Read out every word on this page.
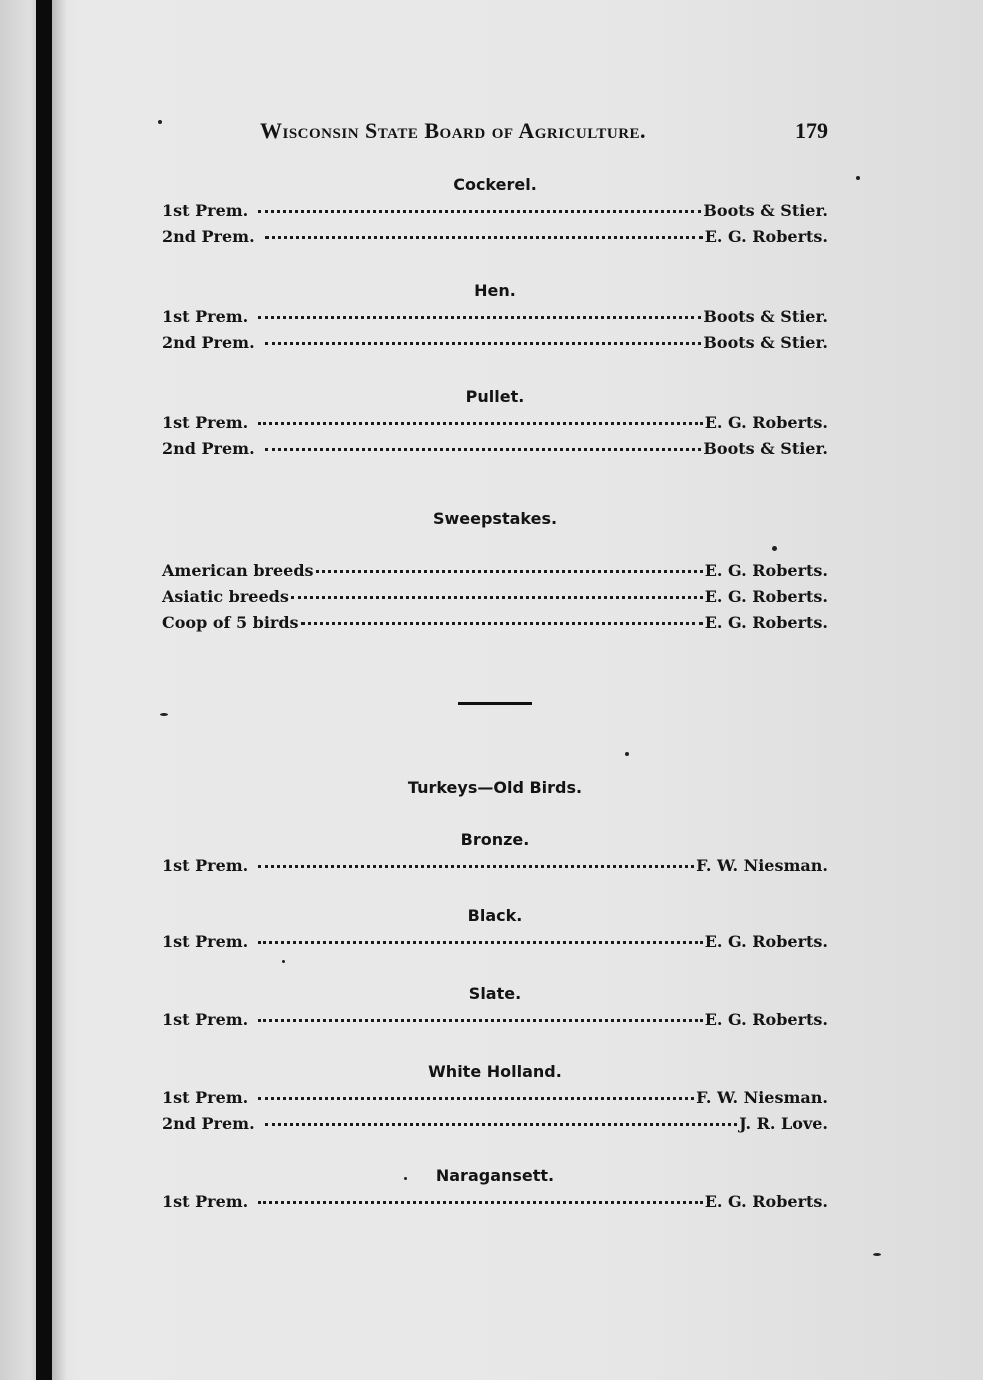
Wisconsin State Board of Agriculture.	179
Cockerel.
1st Prem.	Boots & Stier.
2nd Prem.	E. G. Roberts.
Hen.
1st Prem.	Boots & Stier.
2nd Prem.	Boots & Stier.
Pullet.
1st Prem.	E. G. Roberts.
2nd Prem.	Boots & Stier.
Sweepstakes.
American breeds	E. G. Roberts.
Asiatic breeds	E. G. Roberts.
Coop of 5 birds	E. G. Roberts.
Turkeys—Old Birds.
Bronze.
1st Prem.	F. W. Niesman.
Black.
1st Prem.	E. G. Roberts.
Slate.
1st Prem.	E. G. Roberts.
White Holland.
1st Prem.	F. W. Niesman.
2nd Prem.	J. R. Love.
Naragansett.
1st Prem.	E. G. Roberts.
